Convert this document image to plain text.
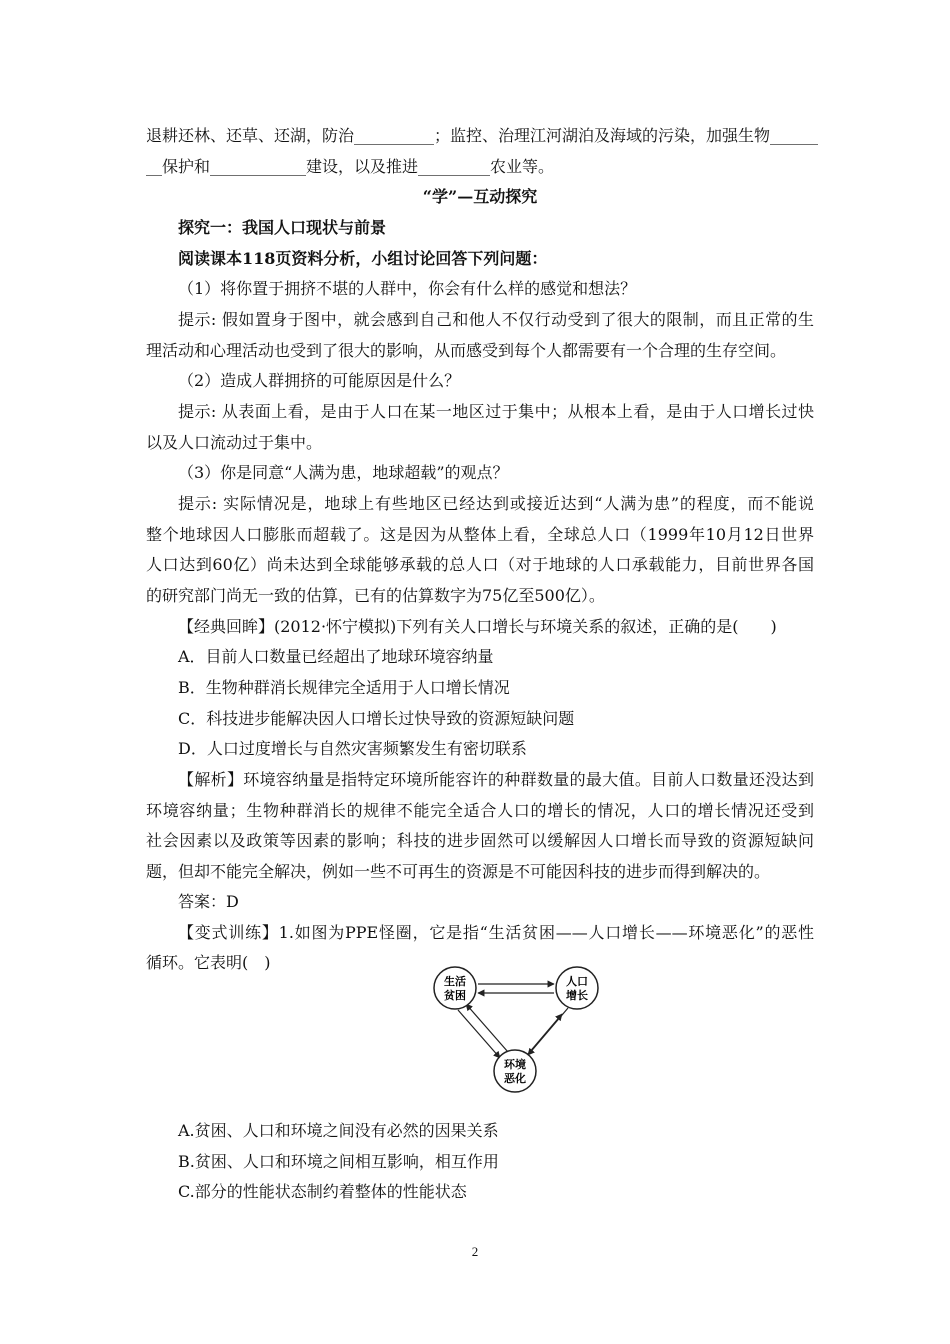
退耕还林、还草、还湖，防治__________；监控、治理江河湖泊及海域的污染，加强生物______
__保护和____________建设，以及推进_________农业等。
“学”—互动探究
探究一：我国人口现状与前景
阅读课本118页资料分析，小组讨论回答下列问题：
（1）将你置于拥挤不堪的人群中，你会有什么样的感觉和想法？
提示: 假如置身于图中，就会感到自己和他人不仅行动受到了很大的限制，而且正常的生
理活动和心理活动也受到了很大的影响，从而感受到每个人都需要有一个合理的生存空间。
（2）造成人群拥挤的可能原因是什么？
提示: 从表面上看，是由于人口在某一地区过于集中；从根本上看，是由于人口增长过快
以及人口流动过于集中。
（3）你是同意“人满为患，地球超载”的观点？
提示: 实际情况是，地球上有些地区已经达到或接近达到“人满为患”的程度，而不能说
整个地球因人口膨胀而超载了。这是因为从整体上看，全球总人口（1999年10月12日世界
人口达到60亿）尚未达到全球能够承载的总人口（对于地球的人口承载能力，目前世界各国
的研究部门尚无一致的估算，已有的估算数字为75亿至500亿）。
【经典回眸】(2012·怀宁模拟)下列有关人口增长与环境关系的叙述，正确的是(　　)
A．目前人口数量已经超出了地球环境容纳量
B．生物种群消长规律完全适用于人口增长情况
C．科技进步能解决因人口增长过快导致的资源短缺问题
D．人口过度增长与自然灾害频繁发生有密切联系
【解析】环境容纳量是指特定环境所能容许的种群数量的最大值。目前人口数量还没达到
环境容纳量；生物种群消长的规律不能完全适合人口的增长的情况，人口的增长情况还受到
社会因素以及政策等因素的影响；科技的进步固然可以缓解因人口增长而导致的资源短缺问
题，但却不能完全解决，例如一些不可再生的资源是不可能因科技的进步而得到解决的。
答案：D
【变式训练】1.如图为PPE怪圈，它是指“生活贫困——人口增长——环境恶化”的恶性
循环。它表明(　)
生活
贫困
人口
增长
环境
恶化
A.贫困、人口和环境之间没有必然的因果关系
B.贫困、人口和环境之间相互影响，相互作用
C.部分的性能状态制约着整体的性能状态
2
